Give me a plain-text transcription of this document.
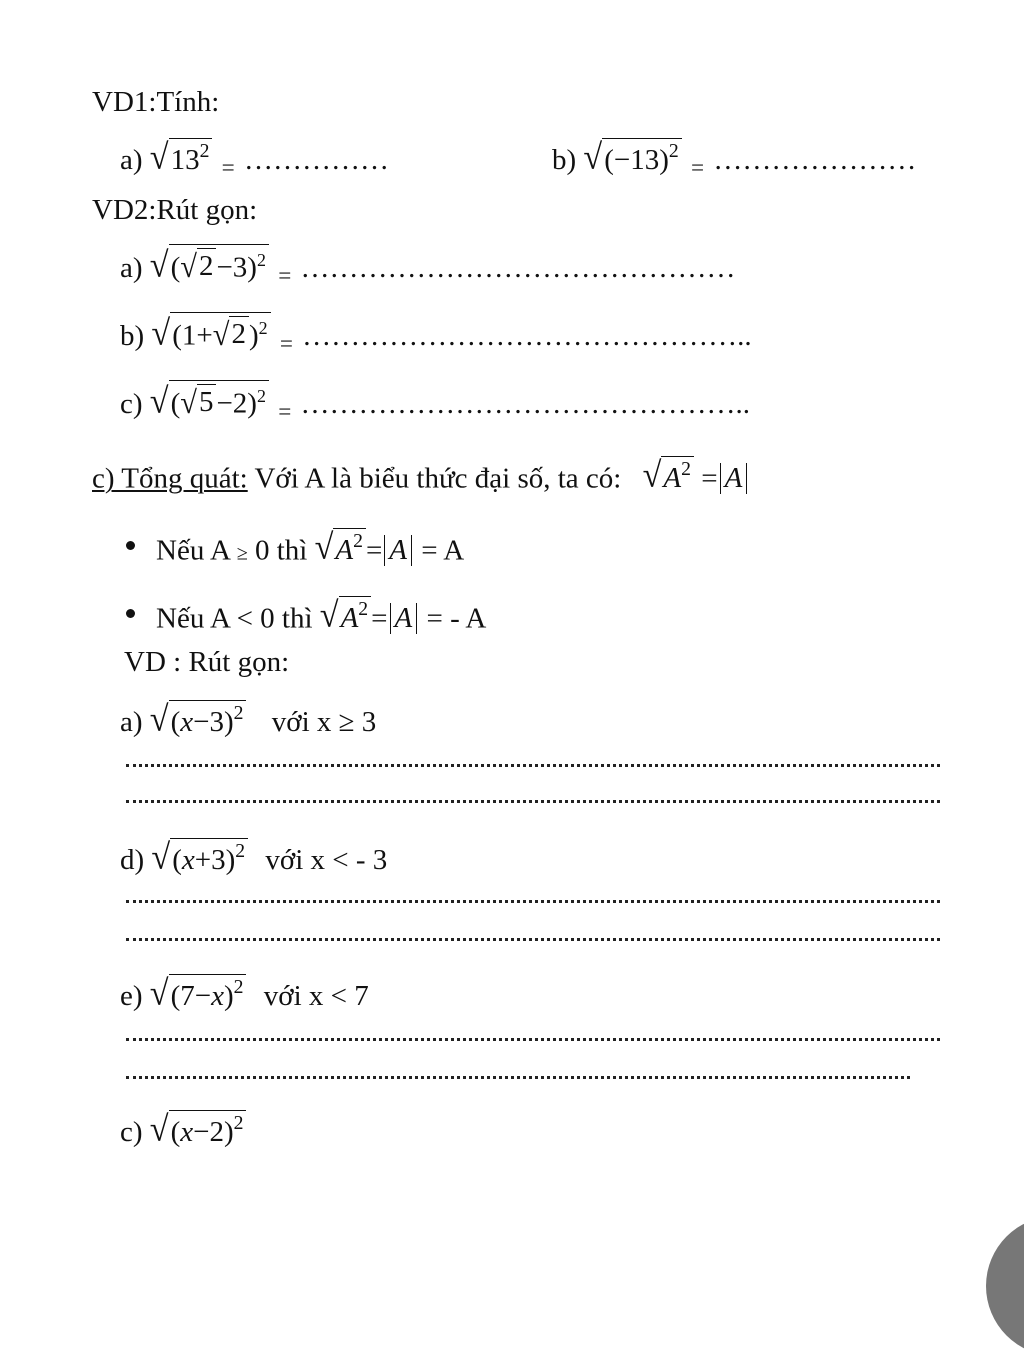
VD1:Tính:
a) √ $13^2$
= ……………	b) √ $(-13)^2$
= …………………
VD2:Rút gọn:
a) √ ( √ 2 −3)$^2$
= ………………………………………
b) √ (1+ √ 2 )$^2$
= ………………………………………..
c) √ ( √ 5 −2)$^2$
= ………………………………………..
c) Tổng quát: Với A là biểu thức đại số, ta có: √ $A^2 = A$
Nếu A ≥ 0 thì √ $A^2 = A = A$
Nếu A < 0 thì √ $A^2 = A$ = - A
VD : Rút gọn:
a) √ $(x-3)^2$ với x ≥ 3
d) √ $(x+3)^2$ với x < - 3
e) √ $(7-x)^2$ với x < 7
c) √ $(x-2)^2$
